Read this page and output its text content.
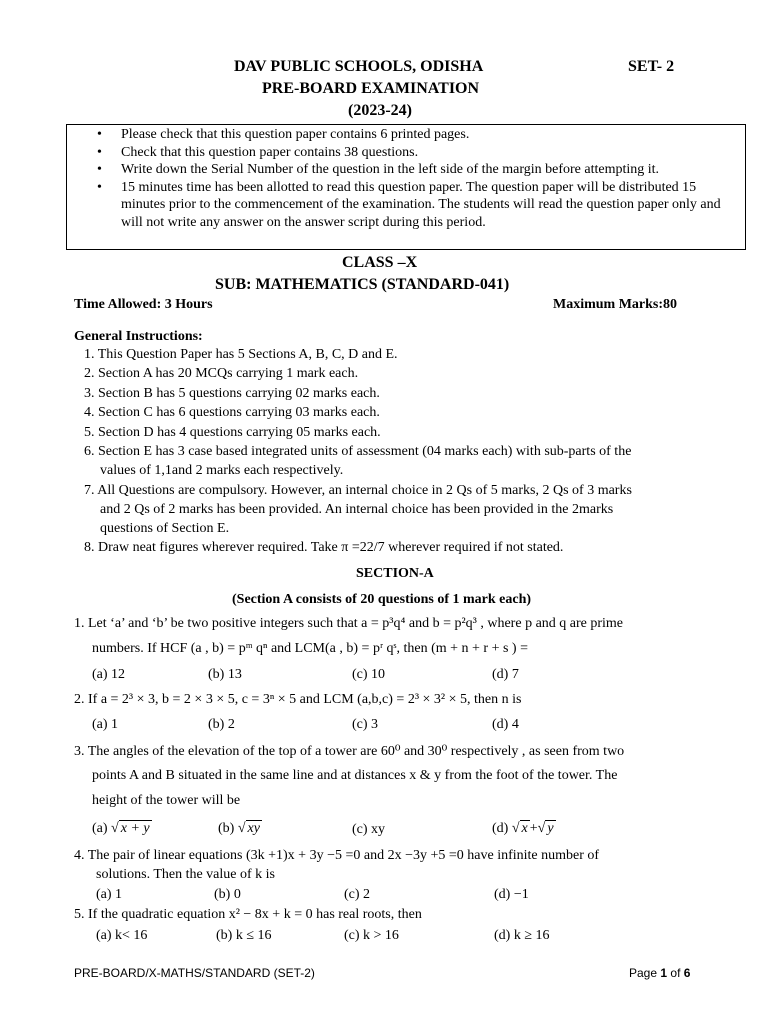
DAV PUBLIC SCHOOLS, ODISHA	SET- 2
PRE-BOARD EXAMINATION
(2023-24)
• Please check that this question paper contains 6 printed pages.
• Check that this question paper contains 38 questions.
• Write down the Serial Number of the question in the left side of the margin before attempting it.
• 15 minutes time has been allotted to read this question paper. The question paper will be distributed 15 minutes prior to the commencement of the examination. The students will read the question paper only and will not write any answer on the answer script during this period.
CLASS –X
SUB: MATHEMATICS (STANDARD-041)
Time Allowed: 3 Hours	Maximum Marks:80
General Instructions:
1. This Question Paper has 5 Sections A, B, C, D and E.
2. Section A has 20 MCQs carrying 1 mark each.
3. Section B has 5 questions carrying 02 marks each.
4. Section C has 6 questions carrying 03 marks each.
5. Section D has 4 questions carrying 05 marks each.
6. Section E has 3 case based integrated units of assessment (04 marks each) with sub-parts of the
values of 1,1and 2 marks each respectively.
7. All Questions are compulsory. However, an internal choice in 2 Qs of 5 marks, 2 Qs of 3 marks
and 2 Qs of 2 marks has been provided. An internal choice has been provided in the 2marks
questions of Section E.
8. Draw neat figures wherever required. Take π =22/7 wherever required if not stated.
SECTION-A
(Section A consists of 20 questions of 1 mark each)
1. Let ‘a’ and ‘b’ be two positive integers such that a = p³q⁴ and b = p²q³ , where p and q are prime
numbers. If HCF (a , b) = pᵐ qⁿ and LCM(a , b) = pʳ qˢ, then (m + n + r + s ) =
(a) 12	(b) 13	(c) 10	(d) 7
2. If a = 2³ × 3, b = 2 × 3 × 5, c = 3ⁿ × 5 and LCM (a,b,c) = 2³ × 3² × 5, then n is
(a) 1	(b) 2	(c) 3	(d) 4
3. The angles of the elevation of the top of a tower are 60⁰ and 30⁰ respectively , as seen from two
points A and B situated in the same line and at distances x & y from the foot of the tower. The
height of the tower will be
(a) √ x + y	(b) √ xy	(c) xy	(d) √ x +√ y
4. The pair of linear equations (3k +1)x + 3y −5 =0 and 2x −3y +5 =0 have infinite number of
solutions. Then the value of k is
(a) 1	(b) 0	(c) 2	(d) −1
5. If the quadratic equation x² − 8x + k = 0 has real roots, then
(a) k< 16	(b) k ≤ 16	(c) k > 16	(d) k ≥ 16
PRE-BOARD/X-MATHS/STANDARD (SET-2)	Page 1 of 6
